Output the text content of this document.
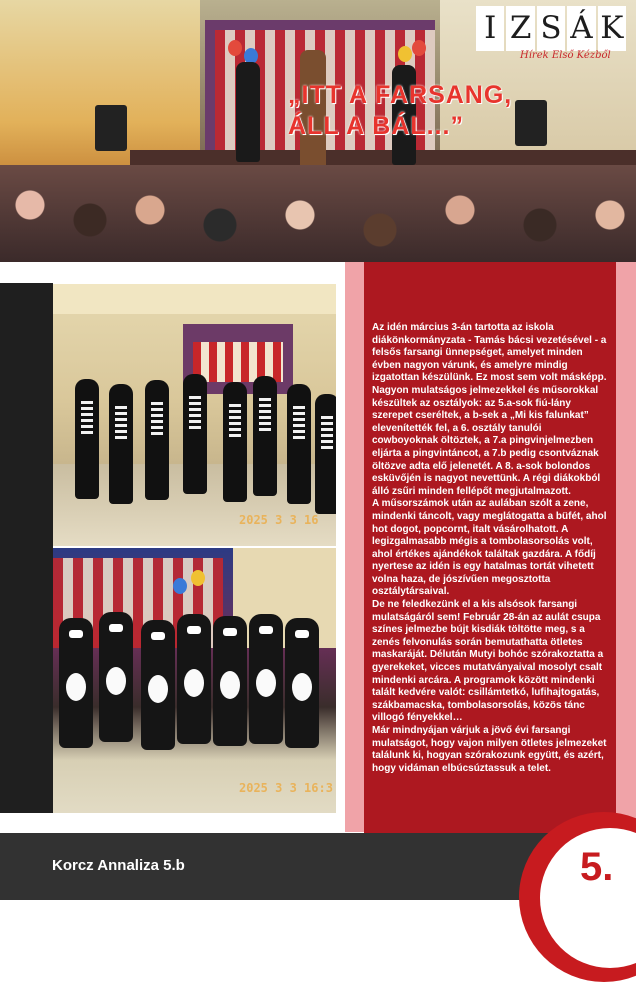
„ITT A FARSANG, ÁLL A BÁL...”
I Z S Á K
Hírek Első Kézből
2025 3 3 16
2025 3 3 16:3

Az idén március 3-án tartotta az iskola diákönkormányzata - Tamás bácsi vezetésével - a felsős farsangi ünnepséget, amelyet minden évben nagyon várunk, és amelyre mindig izgatottan készülünk. Ez most sem volt másképp.

Nagyon mulatságos jelmezekkel és műsorokkal készültek az osztályok: az 5.a-sok fiú-lány szerepet cseréltek, a b-sek a „Mi kis falunkat” elevenítették fel, a 6. osztály tanulói cowboyoknak öltöztek, a 7.a pingvinjelmezben eljárta a pingvintáncot, a 7.b pedig csontváznak öltözve adta elő jelenetét. A 8. a-sok bolondos esküvőjén is nagyot nevettünk. A régi diákokból álló zsűri minden fellépőt megjutalmazott.

A műsorszámok után az aulában szólt a zene, mindenki táncolt, vagy meglátogatta a büfét, ahol hot dogot, popcornt, italt vásárolhatott. A legizgalmasabb mégis a tombolasorsolás volt, ahol értékes ajándékok találtak gazdára. A fődíj nyertese az idén is egy hatalmas tortát vihetett volna haza, de jószívűen megosztotta osztálytársaival.

De ne feledkezünk el a kis alsósok farsangi mulatságáról sem! Február 28-án az aulát csupa színes jelmezbe bújt kisdiák töltötte meg, s a zenés felvonulás során bemutathatta ötletes maskaráját. Délután Mutyi bohóc szórakoztatta a gyerekeket, vicces mutatványaival mosolyt csalt mindenki arcára. A programok között mindenki talált kedvére valót: csillámtetkó, lufihajtogatás, szákbamacska, tombolasorsolás, közös tánc villogó fényekkel…

Már mindnyájan várjuk a jövő évi farsangi mulatságot, hogy vajon milyen ötletes jelmezeket találunk ki, hogyan szórakozunk együtt, és azért, hogy vidáman elbúcsúztassuk a telet.

Korcz Annaliza 5.b	5.
